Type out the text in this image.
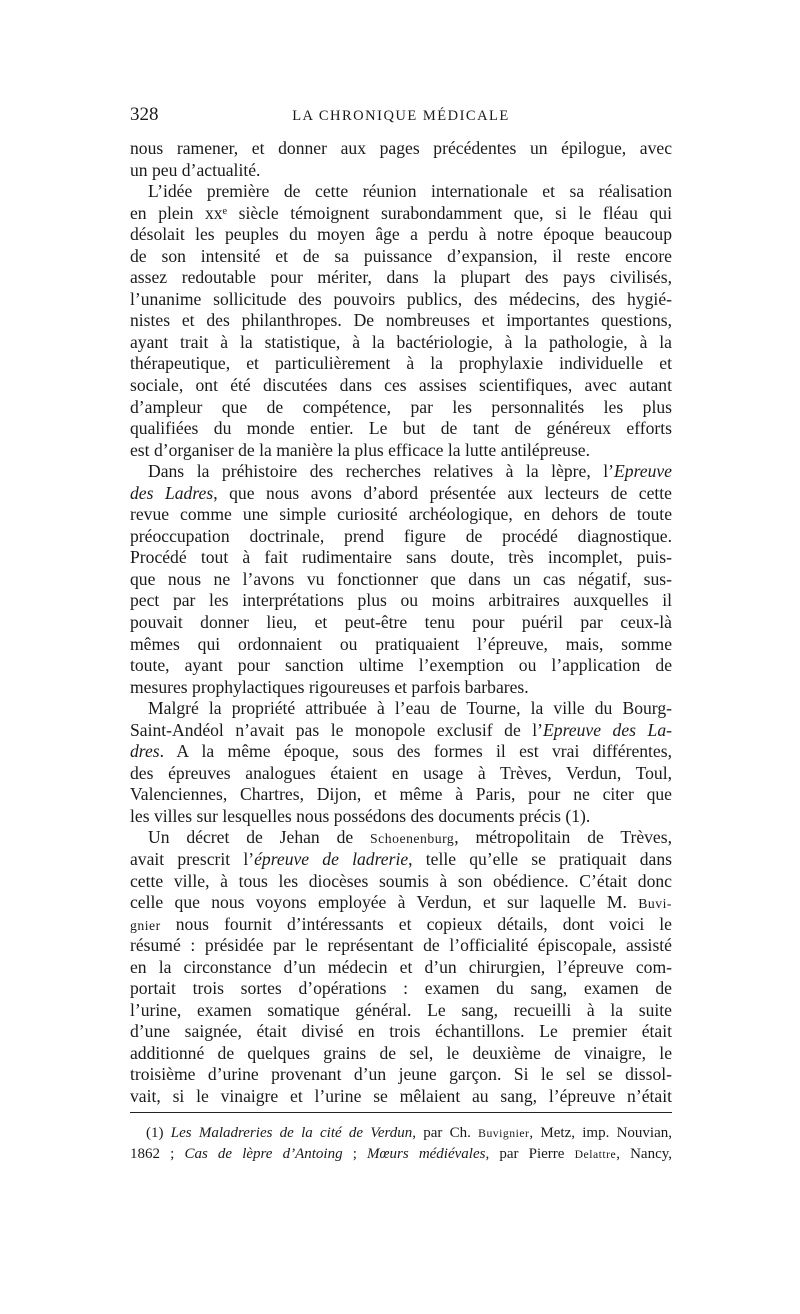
328	LA CHRONIQUE MÉDICALE
nous ramener, et donner aux pages précédentes un épilogue, avec
un peu d’actualité.
L’idée première de cette réunion internationale et sa réalisation
en plein xxᵉ siècle témoignent surabondamment que, si le fléau qui
désolait les peuples du moyen âge a perdu à notre époque beaucoup
de son intensité et de sa puissance d’expansion, il reste encore
assez redoutable pour mériter, dans la plupart des pays civilisés,
l’unanime sollicitude des pouvoirs publics, des médecins, des hygié-
nistes et des philanthropes. De nombreuses et importantes questions,
ayant trait à la statistique, à la bactériologie, à la pathologie, à la
thérapeutique, et particulièrement à la prophylaxie individuelle et
sociale, ont été discutées dans ces assises scientifiques, avec autant
d’ampleur que de compétence, par les personnalités les plus
qualifiées du monde entier. Le but de tant de généreux efforts
est d’organiser de la manière la plus efficace la lutte antilépreuse.
Dans la préhistoire des recherches relatives à la lèpre, l’Epreuve
des Ladres, que nous avons d’abord présentée aux lecteurs de cette
revue comme une simple curiosité archéologique, en dehors de toute
préoccupation doctrinale, prend figure de procédé diagnostique.
Procédé tout à fait rudimentaire sans doute, très incomplet, puis-
que nous ne l’avons vu fonctionner que dans un cas négatif, sus-
pect par les interprétations plus ou moins arbitraires auxquelles il
pouvait donner lieu, et peut-être tenu pour puéril par ceux-là
mêmes qui ordonnaient ou pratiquaient l’épreuve, mais, somme
toute, ayant pour sanction ultime l’exemption ou l’application de
mesures prophylactiques rigoureuses et parfois barbares.
Malgré la propriété attribuée à l’eau de Tourne, la ville du Bourg-
Saint-Andéol n’avait pas le monopole exclusif de l’Epreuve des La-
dres. A la même époque, sous des formes il est vrai différentes,
des épreuves analogues étaient en usage à Trèves, Verdun, Toul,
Valenciennes, Chartres, Dijon, et même à Paris, pour ne citer que
les villes sur lesquelles nous possédons des documents précis (1).
Un décret de Jehan de Schoenenburg, métropolitain de Trèves,
avait prescrit l’épreuve de ladrerie, telle qu’elle se pratiquait dans
cette ville, à tous les diocèses soumis à son obédience. C’était donc
celle que nous voyons employée à Verdun, et sur laquelle M. Buvi-
gnier nous fournit d’intéressants et copieux détails, dont voici le
résumé : présidée par le représentant de l’officialité épiscopale, assisté
en la circonstance d’un médecin et d’un chirurgien, l’épreuve com-
portait trois sortes d’opérations : examen du sang, examen de
l’urine, examen somatique général. Le sang, recueilli à la suite
d’une saignée, était divisé en trois échantillons. Le premier était
additionné de quelques grains de sel, le deuxième de vinaigre, le
troisième d’urine provenant d’un jeune garçon. Si le sel se dissol-
vait, si le vinaigre et l’urine se mêlaient au sang, l’épreuve n’était
(1) Les Maladreries de la cité de Verdun, par Ch. Buvignier, Metz, imp. Nouvian,
1862 ; Cas de lèpre d’Antoing ; Mœurs médiévales, par Pierre Delattre, Nancy,
